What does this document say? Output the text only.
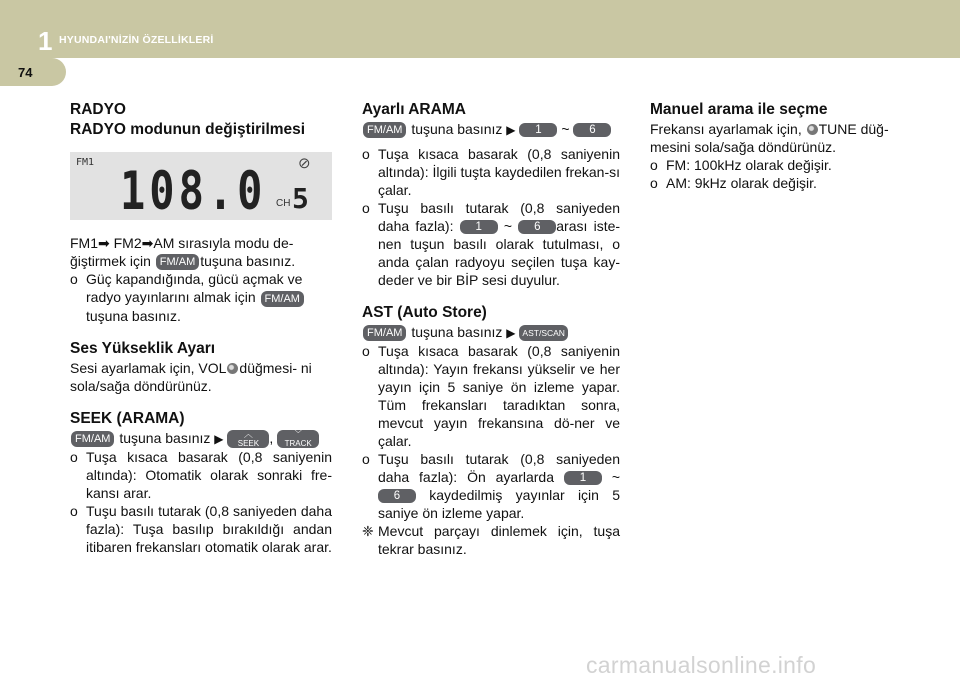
1 HYUNDAI'NİZİN ÖZELLİKLERİ
74
RADYO
RADYO modunun değiştirilmesi
FM1 108.0 ⊘
CH 5

FM1➡ FM2➡AM sırasıyla modu de-
ğiştirmek için FM/AM tuşuna basınız.

o Güç kapandığında, gücü açmak ve radyo yayınlarını almak için FM/AM tuşuna basınız.
Ses Yükseklik Ayarı

Sesi ayarlamak için, VOL düğmesi- ni sola/sağa döndürünüz.

SEEK (ARAMA)

FM/AM tuşuna basınız ▶	︿
SEEK ,	﹀
TRACK

o Tuşa kısaca basarak (0,8 saniyenin altında): Otomatik olarak sonraki fre-kansı arar.
o Tuşu basılı tutarak (0,8 saniyeden daha fazla): Tuşa basılıp bırakıldığı andan itibaren frekansları otomatik olarak arar.
Ayarlı ARAMA

FM/AM tuşuna basınız ▶ 1 ~ 6

o Tuşa kısaca basarak (0,8 saniyenin altında): İlgili tuşta kaydedilen frekan-sı çalar.
o Tuşu basılı tutarak (0,8 saniyeden daha fazla): 1 ~ 6 arası iste-nen tuşun basılı olarak tutulması, o anda çalan radyoyu seçilen tuşa kay-deder ve bir BİP sesi duyulur.
AST (Auto Store)

FM/AM tuşuna basınız ▶ AST/SCAN

o Tuşa kısaca basarak (0,8 saniyenin altında): Yayın frekansı yükselir ve her yayın için 5 saniye ön izleme yapar. Tüm frekansları taradıktan sonra, mevcut yayın frekansına dö-ner ve çalar.
o Tuşu basılı tutarak (0,8 saniyeden daha fazla): Ön ayarlarda 1 ~ 6 kaydedilmiş yayınlar için 5 saniye ön izleme yapar.
❈ Mevcut parçayı dinlemek için, tuşa tekrar basınız.
Manuel arama ile seçme

Frekansı ayarlamak için, TUNE düğ-mesini sola/sağa döndürünüz.

o FM: 100kHz olarak değişir.
o AM: 9kHz olarak değişir.
carmanualsonline.info
